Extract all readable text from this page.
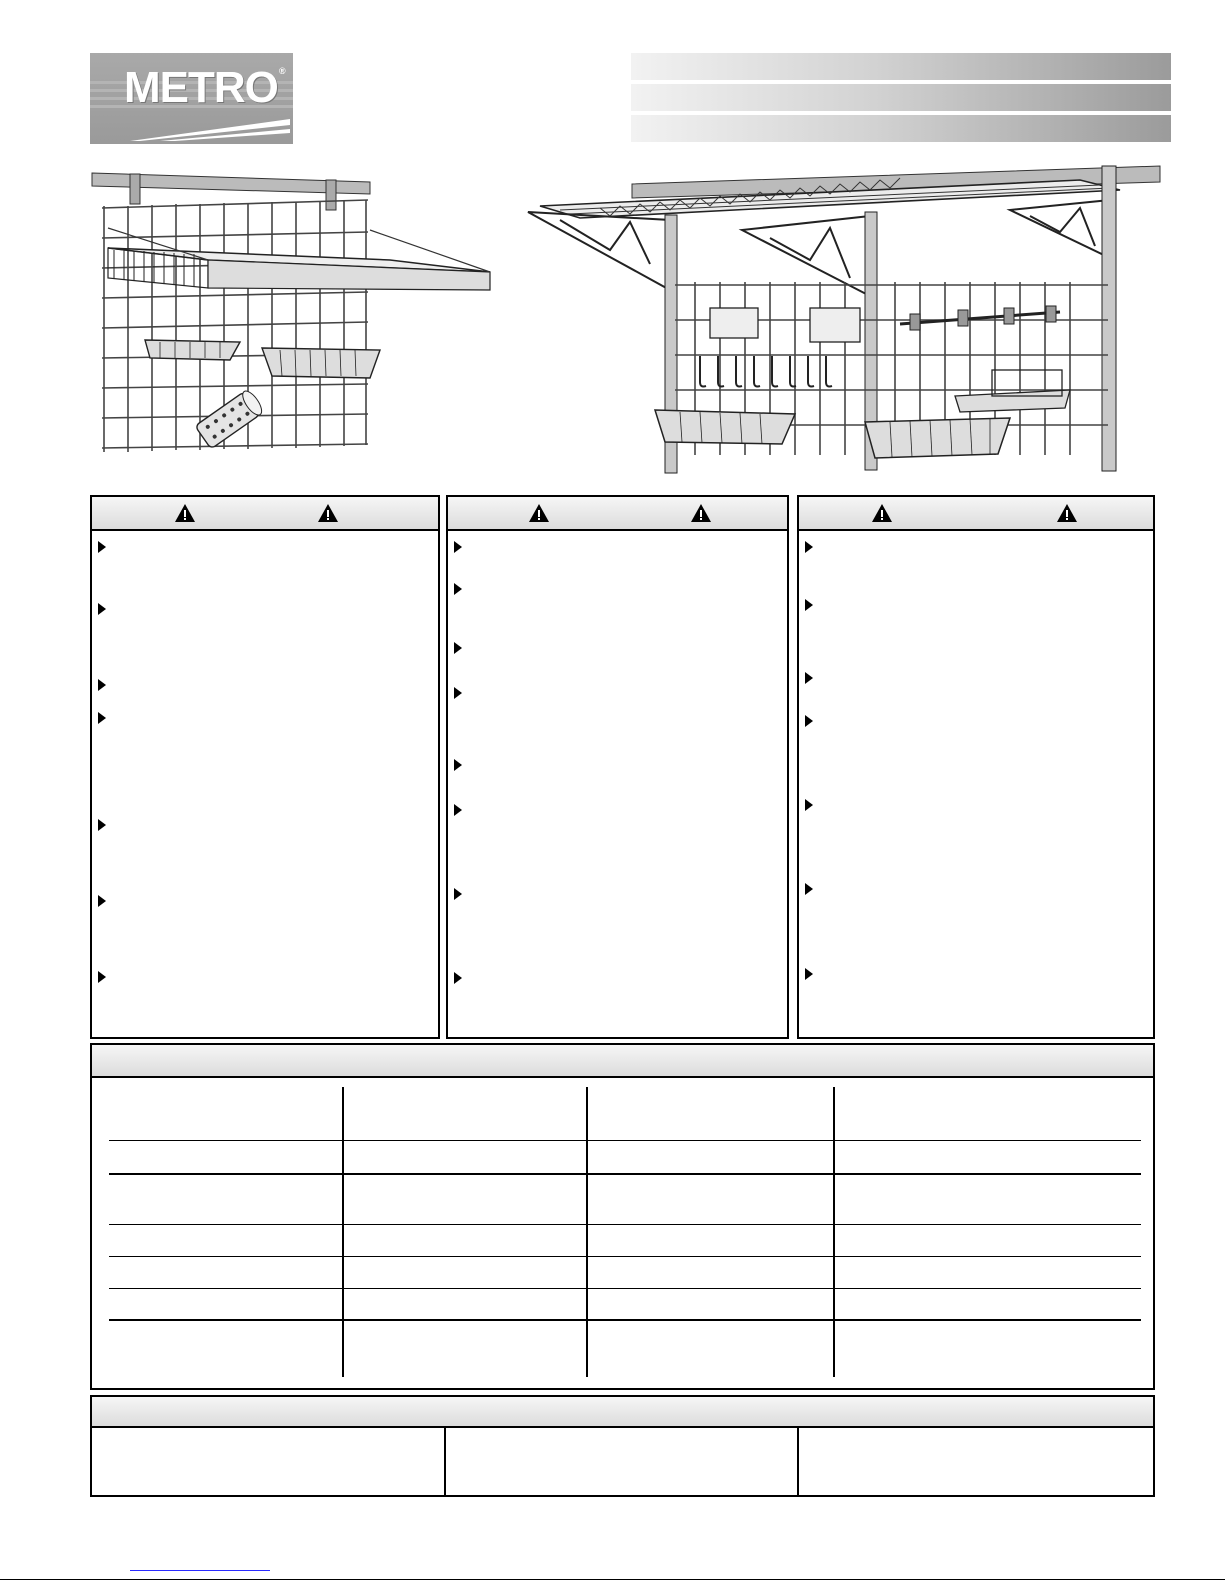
METRO ®
